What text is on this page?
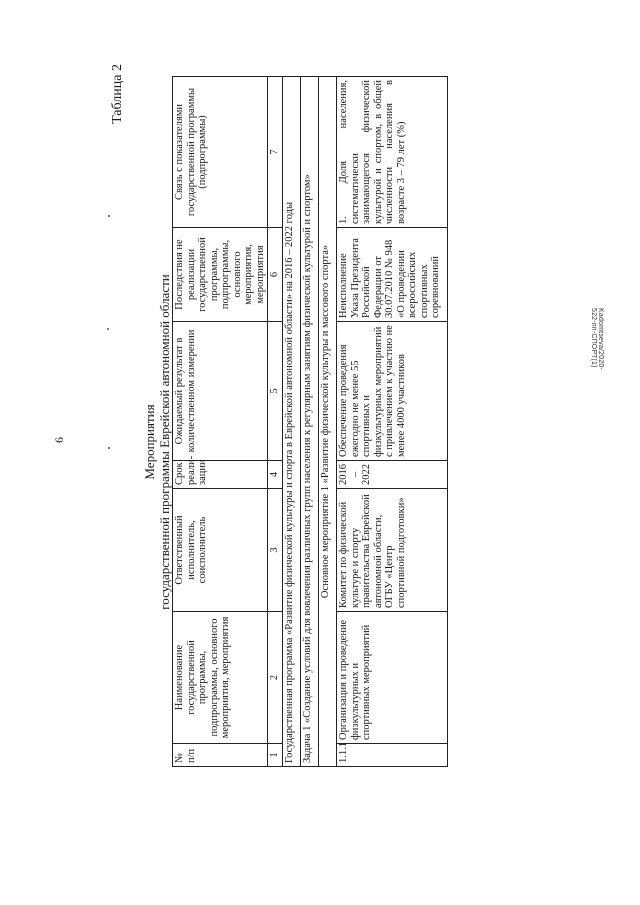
6
Kadomtseva/2020-522-пп-СПОРТ(1)
Таблица 2
Мероприятия государственной программы Еврейской автономной области
№ п/п	Наименование государственной программы, подпрограммы, основного мероприятия, мероприятия	Ответственный исполнитель, соисполнитель	Срок реали-зации	Ожидаемый результат в количественном измерении	Последствия не реализации государственной программы, подпрограммы, основного мероприятия, мероприятия	Связь с показателями государственной программы (подпрограммы)
1	2	3	4	5	6	7
Государственная программа «Развитие физической культуры и спорта в Еврейской автономной области» на 2016 – 2022 годы						
Задача 1 «Создание условий для вовлечения различных групп населения к регулярным занятиям физической культурой и спортом»						
Основное мероприятие 1 «Развитие физической культуры и массового спорта»						
1.1.1	Организация и проведение физкультурных и спортивных мероприятий	Комитет по физической культуре и спорту правительства Еврейской автономной области, ОГБУ «Центр спортивной подготовки»	2016 – 2022	Обеспечение проведения ежегодно не менее 55 спортивных и физкультурных мероприятий с привлечением к участию не менее 4000 участников	Неисполнение Указа Президента Российской Федерации от 30.07.2010 № 948 «О проведении всероссийских спортивных соревнований	1. Доля населения, систематически занимающегося физической культурой и спортом, в общей численности населения в возрасте 3 – 79 лет (%)
